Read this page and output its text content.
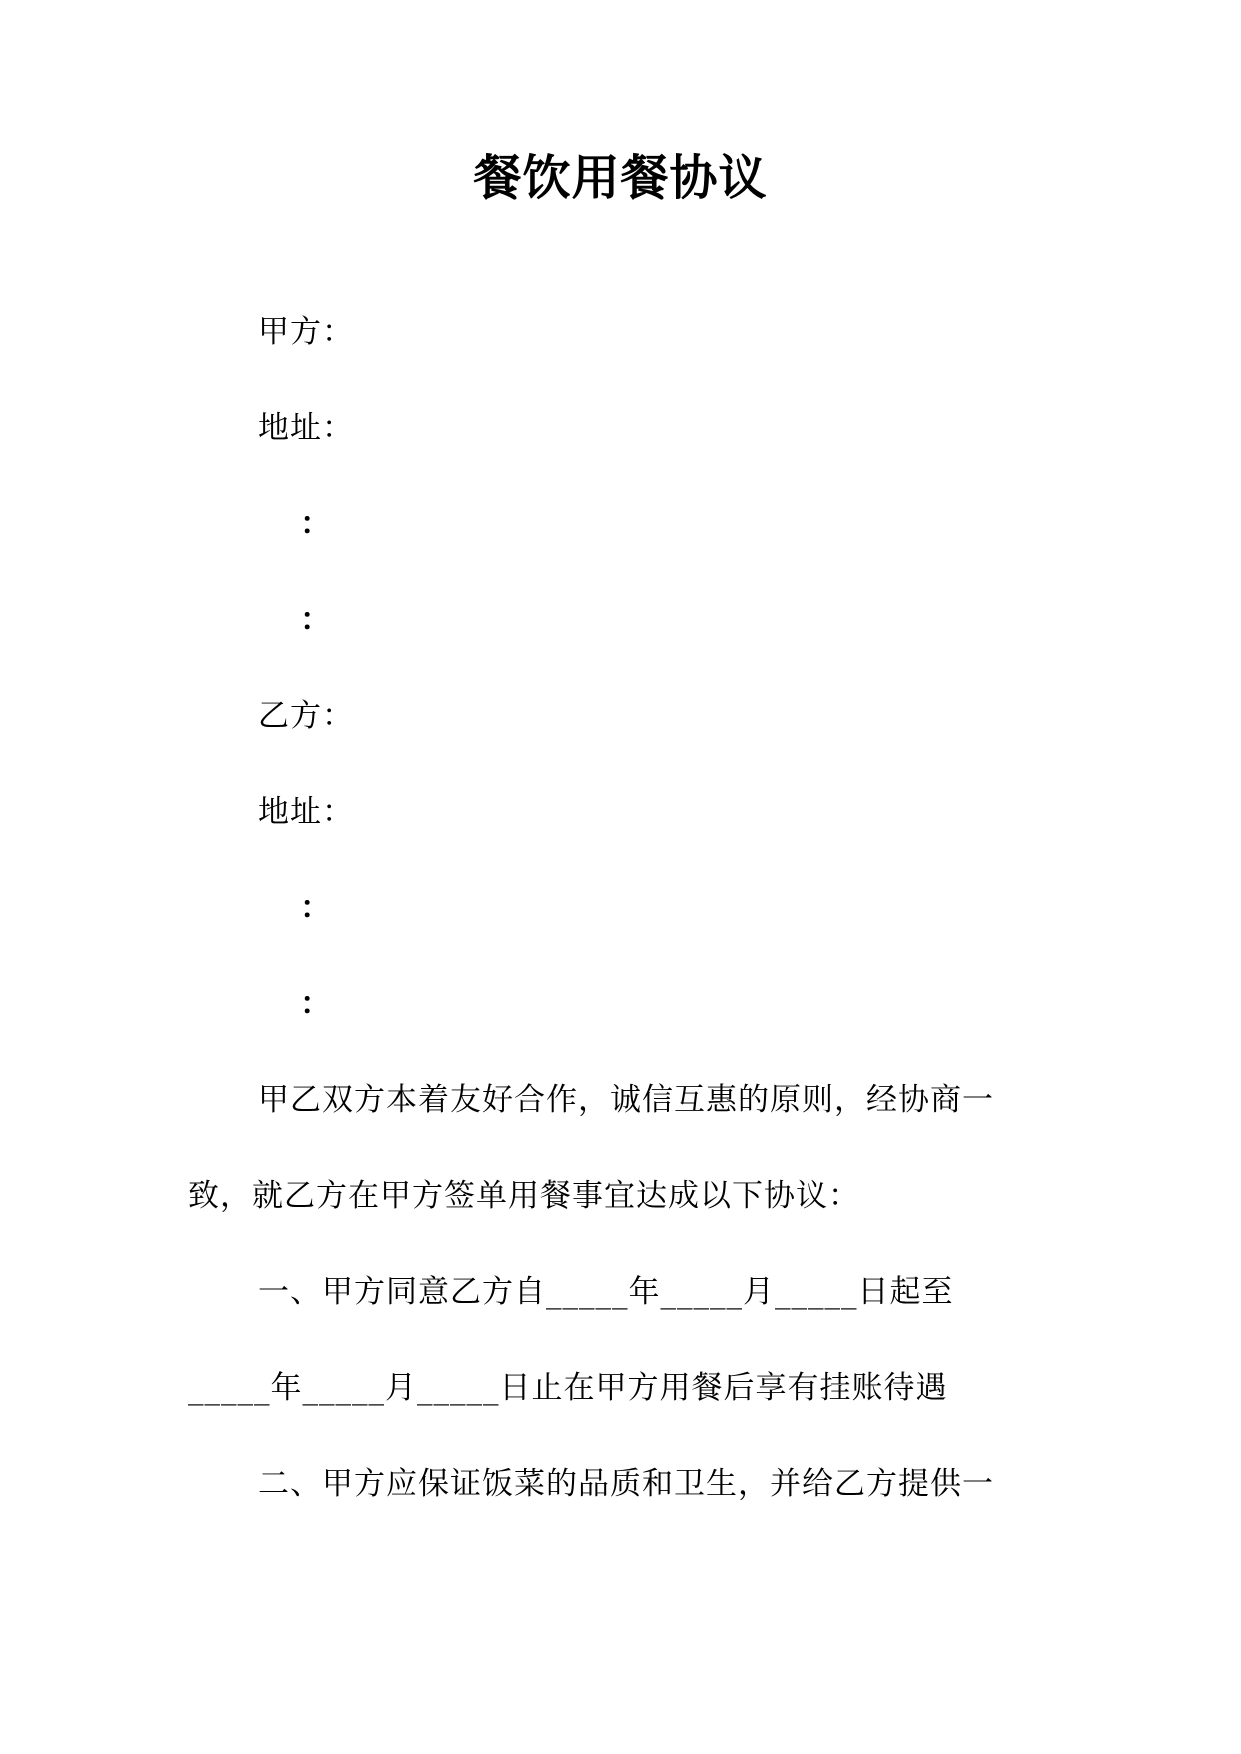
餐饮用餐协议
甲方：
地址：
：
：
乙方：
地址：
：
：
甲乙双方本着友好合作，诚信互惠的原则，经协商一
致，就乙方在甲方签单用餐事宜达成以下协议：
一、甲方同意乙方自_____年_____月_____日起至
_____年_____月_____日止在甲方用餐后享有挂账待遇
二、甲方应保证饭菜的品质和卫生，并给乙方提供一
